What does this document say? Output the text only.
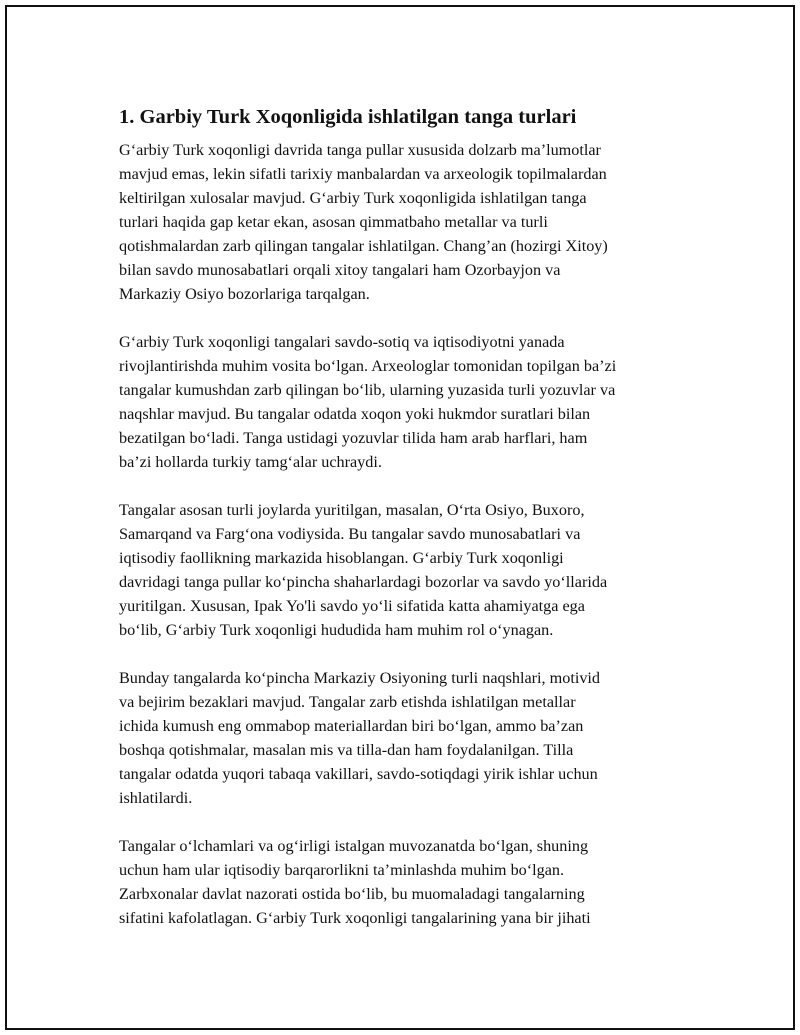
1. Garbiy Turk Xoqonligida ishlatilgan tanga turlari

G‘arbiy Turk xoqonligi davrida tanga pullar xususida dolzarb ma’lumotlar
mavjud emas, lekin sifatli tarixiy manbalardan va arxeologik topilmalardan
keltirilgan xulosalar mavjud. G‘arbiy Turk xoqonligida ishlatilgan tanga
turlari haqida gap ketar ekan, asosan qimmatbaho metallar va turli
qotishmalardan zarb qilingan tangalar ishlatilgan. Chang’an (hozirgi Xitoy)
bilan savdo munosabatlari orqali xitoy tangalari ham Ozorbayjon va
Markaziy Osiyo bozorlariga tarqalgan.

G‘arbiy Turk xoqonligi tangalari savdo-sotiq va iqtisodiyotni yanada
rivojlantirishda muhim vosita bo‘lgan. Arxeologlar tomonidan topilgan ba’zi
tangalar kumushdan zarb qilingan bo‘lib, ularning yuzasida turli yozuvlar va
naqshlar mavjud. Bu tangalar odatda xoqon yoki hukmdor suratlari bilan
bezatilgan bo‘ladi. Tanga ustidagi yozuvlar tilida ham arab harflari, ham
ba’zi hollarda turkiy tamg‘alar uchraydi.

Tangalar asosan turli joylarda yuritilgan, masalan, O‘rta Osiyo, Buxoro,
Samarqand va Farg‘ona vodiysida. Bu tangalar savdo munosabatlari va
iqtisodiy faollikning markazida hisoblangan. G‘arbiy Turk xoqonligi
davridagi tanga pullar ko‘pincha shaharlardagi bozorlar va savdo yo‘llarida
yuritilgan. Xususan, Ipak Yo'li savdo yo‘li sifatida katta ahamiyatga ega
bo‘lib, G‘arbiy Turk xoqonligi hududida ham muhim rol o‘ynagan.

Bunday tangalarda ko‘pincha Markaziy Osiyoning turli naqshlari, motivid
va bejirim bezaklari mavjud. Tangalar zarb etishda ishlatilgan metallar
ichida kumush eng ommabop materiallardan biri bo‘lgan, ammo ba’zan
boshqa qotishmalar, masalan mis va tilla-dan ham foydalanilgan. Tilla
tangalar odatda yuqori tabaqa vakillari, savdo-sotiqdagi yirik ishlar uchun
ishlatilardi.

Tangalar o‘lchamlari va og‘irligi istalgan muvozanatda bo‘lgan, shuning
uchun ham ular iqtisodiy barqarorlikni ta’minlashda muhim bo‘lgan.
Zarbxonalar davlat nazorati ostida bo‘lib, bu muomaladagi tangalarning
sifatini kafolatlagan. G‘arbiy Turk xoqonligi tangalarining yana bir jihati
